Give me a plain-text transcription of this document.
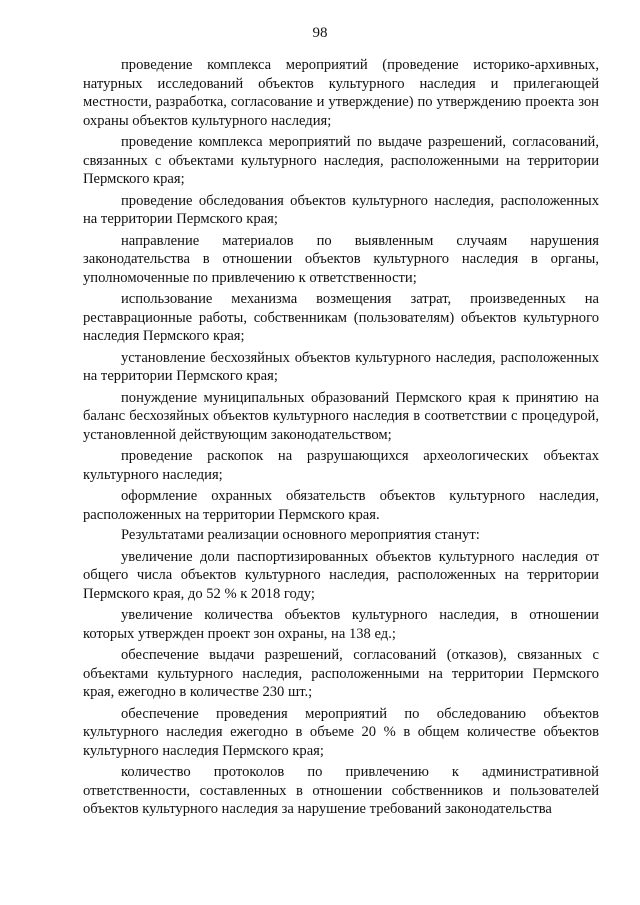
98

проведение комплекса мероприятий (проведение историко-архивных, натурных исследований объектов культурного наследия и прилегающей местности, разработка, согласование и утверждение) по утверждению проекта зон охраны объектов культурного наследия;

проведение комплекса мероприятий по выдаче разрешений, согласований, связанных с объектами культурного наследия, расположенными на территории Пермского края;

проведение обследования объектов культурного наследия, расположенных на территории Пермского края;

направление материалов по выявленным случаям нарушения законодательства в отношении объектов культурного наследия в органы, уполномоченные по привлечению к ответственности;

использование механизма возмещения затрат, произведенных на реставрационные работы, собственникам (пользователям) объектов культурного наследия Пермского края;

установление бесхозяйных объектов культурного наследия, расположенных на территории Пермского края;

понуждение муниципальных образований Пермского края к принятию на баланс бесхозяйных объектов культурного наследия в соответствии с процедурой, установленной действующим законодательством;

проведение раскопок на разрушающихся археологических объектах культурного наследия;

оформление охранных обязательств объектов культурного наследия, расположенных на территории Пермского края.

Результатами реализации основного мероприятия станут:

увеличение доли паспортизированных объектов культурного наследия от общего числа объектов культурного наследия, расположенных на территории Пермского края, до 52 % к 2018 году;

увеличение количества объектов культурного наследия, в отношении которых утвержден проект зон охраны, на 138 ед.;

обеспечение выдачи разрешений, согласований (отказов), связанных с объектами культурного наследия, расположенными на территории Пермского края, ежегодно в количестве 230 шт.;

обеспечение проведения мероприятий по обследованию объектов культурного наследия ежегодно в объеме 20 % в общем количестве объектов культурного наследия Пермского края;

количество протоколов по привлечению к административной ответственности, составленных в отношении собственников и пользователей объектов культурного наследия за нарушение требований законодательства
